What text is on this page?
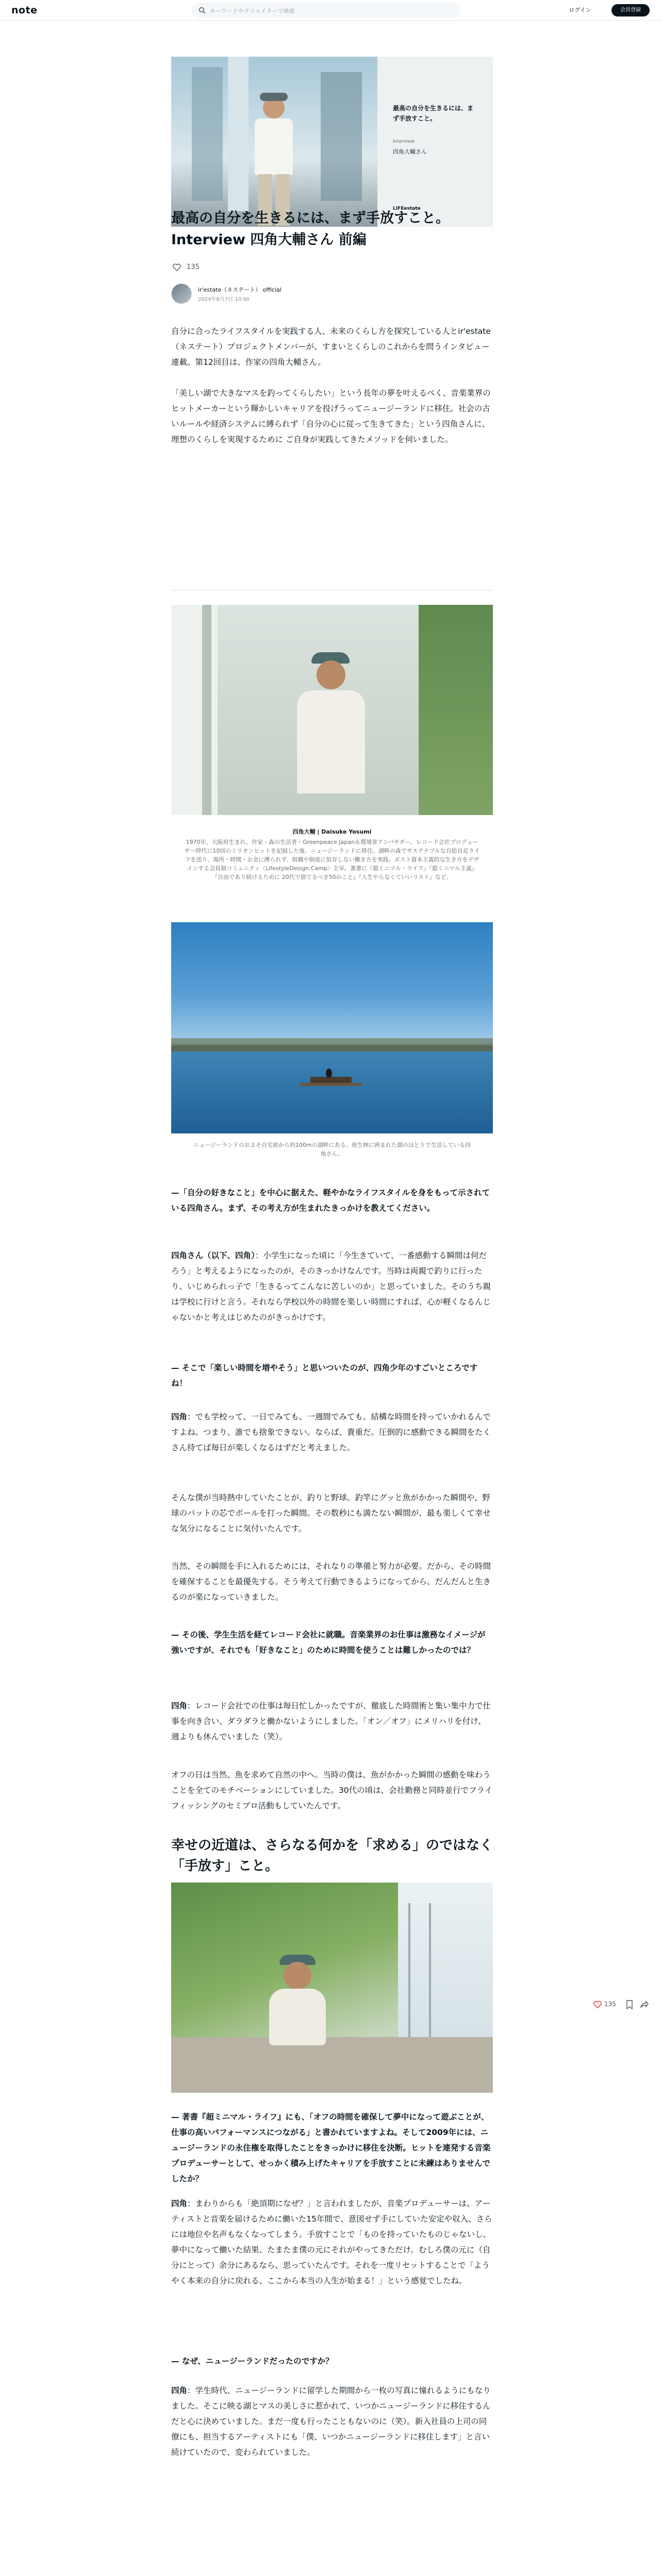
note
キーワードやクリエイターで検索	ログイン	会員登録
最高の自分を生きるには、まず手放すこと。
Interview
四角大輔さん
LIFEestate
最高の自分を生きるには、まず手放すこと。Interview 四角大輔さん 前編
135
ir'estate（ネステート） official
2024年6月7日 10:00

自分に合ったライフスタイルを実践する人、未来のくらし方を探究している人とir'estate（ネステート）プロジェクトメンバーが、すまいとくらしのこれからを問うインタビュー連載。第12回目は、作家の四角大輔さん。

「美しい湖で大きなマスを釣ってくらしたい」という長年の夢を叶えるべく、音楽業界のヒットメーカーという輝かしいキャリアを投げうってニュージーランドに移住。社会の古いルールや経済システムに縛られず「自分の心に従って生きてきた」という四角さんに、理想のくらしを実現するために ご自身が実践してきたメソッドを伺いました。

四角大輔 | Daisuke Yosumi
1970年、大阪府生まれ。作家・森の生活者・Greenpeace Japan＆環境省アンバサダー。レコード会社プロデューサー時代に10回のミリオンヒットを記録した後、ニュージーランドに移住。湖畔の森でサステナブルな自給自足ライフを送り、場所・時間・お金に縛られず、組織や制度に依存しない働き方を実践。ポスト資本主義的な生き方をデザインする会員制コミュニティ〈LifestyleDesign.Camp〉主宰。著書に『超ミニマル・ライフ』『超ミニマル主義』『自由であり続けるために 20代で捨てるべき50のこと』『人生やらなくていいリスト』など。
ニュージーランドのおよそ自宅前から約100mの湖畔にある、原生林に囲まれた湖のほとりで生活している四角さん。

—「自分の好きなこと」を中心に据えた、軽やかなライフスタイルを身をもって示されている四角さん。まず、その考え方が生まれたきっかけを教えてください。

四角さん（以下、四角）：小学生になった頃に「今生きていて、一番感動する瞬間は何だろう」と考えるようになったのが、そのきっかけなんです。当時は両親で釣りに行ったり、いじめられっ子で「生きるってこんなに苦しいのか」と思っていました。そのうち親は学校に行けと言う。それなら学校以外の時間を楽しい時間にすれば、心が軽くなるんじゃないかと考えはじめたのがきっかけです。

— そこで「楽しい時間を増やそう」と思いついたのが、四角少年のすごいところですね！

四角：でも学校って、一日でみても、一週間でみても、結構な時間を持っていかれるんですよね。つまり、誰でも捨象できない。ならば、貴重だ。圧倒的に感動できる瞬間をたくさん持てば毎日が楽しくなるはずだと考えました。

そんな僕が当時熱中していたことが、釣りと野球。釣竿にグッと魚がかかった瞬間や、野球のバットの芯でボールを打った瞬間。その数秒にも満たない瞬間が、最も楽しくて幸せな気分になることに気付いたんです。

当然、その瞬間を手に入れるためには、それなりの準備と努力が必要。だから、その時間を確保することを最優先する。そう考えて行動できるようになってから、だんだんと生きるのが楽になっていきました。

— その後、学生生活を経てレコード会社に就職。音楽業界のお仕事は激務なイメージが強いですが、それでも「好きなこと」のために時間を使うことは難しかったのでは？

四角：レコード会社での仕事は毎日忙しかったですが、徹底した時間術と集い集中力で仕事を向き合い、ダラダラと働かないようにしました。「オン／オフ」にメリハリを付け、週よりも休んでいました（笑）。

オフの日は当然、魚を求めて自然の中へ。当時の僕は、魚がかかった瞬間の感動を味わうことを全てのモチベーションにしていました。30代の頃は、会社勤務と同時並行でフライフィッシングのセミプロ活動もしていたんです。

幸せの近道は、さらなる何かを「求める」のではなく「手放す」こと。
135

— 著書『超ミニマル・ライフ』にも、「オフの時間を確保して夢中になって遊ぶことが、仕事の高いパフォーマンスにつながる」と書かれていますよね。そして2009年には、ニュージーランドの永住権を取得したことをきっかけに移住を決断。ヒットを連発する音楽プロデューサーとして、せっかく積み上げたキャリアを手放すことに未練はありませんでしたか？

四角：まわりからも「絶頂期になぜ？」と言われましたが、音楽プロデューサーは、アーティストと音楽を届けるために働いた15年間で、意図せず手にしていた安定や収入、さらには地位や名声もなくなってしまう。手放すことで「ものを持っていたものじゃないし、夢中になって働いた結果、たまたま僕の元にそれがやってきただけ。むしろ僕の元に（自分にとって）余分にあるなら、思っていたんです。それを一度リセットすることで「ようやく本来の自分に戻れる、ここから本当の人生が始まる！」という感覚でしたね。

— なぜ、ニュージーランドだったのですか？

四角：学生時代、ニュージーランドに留学した期間から一枚の写真に憧れるようにもなりました。そこに映る湖とマスの美しさに惹かれて、いつかニュージーランドに移住するんだと心に決めていました。まだ一度も行ったこともないのに（笑）。新入社員の上司の同僚にも、担当するアーティストにも「僕、いつかニュージーランドに移住します」と言い続けていたので、変わられていました。
